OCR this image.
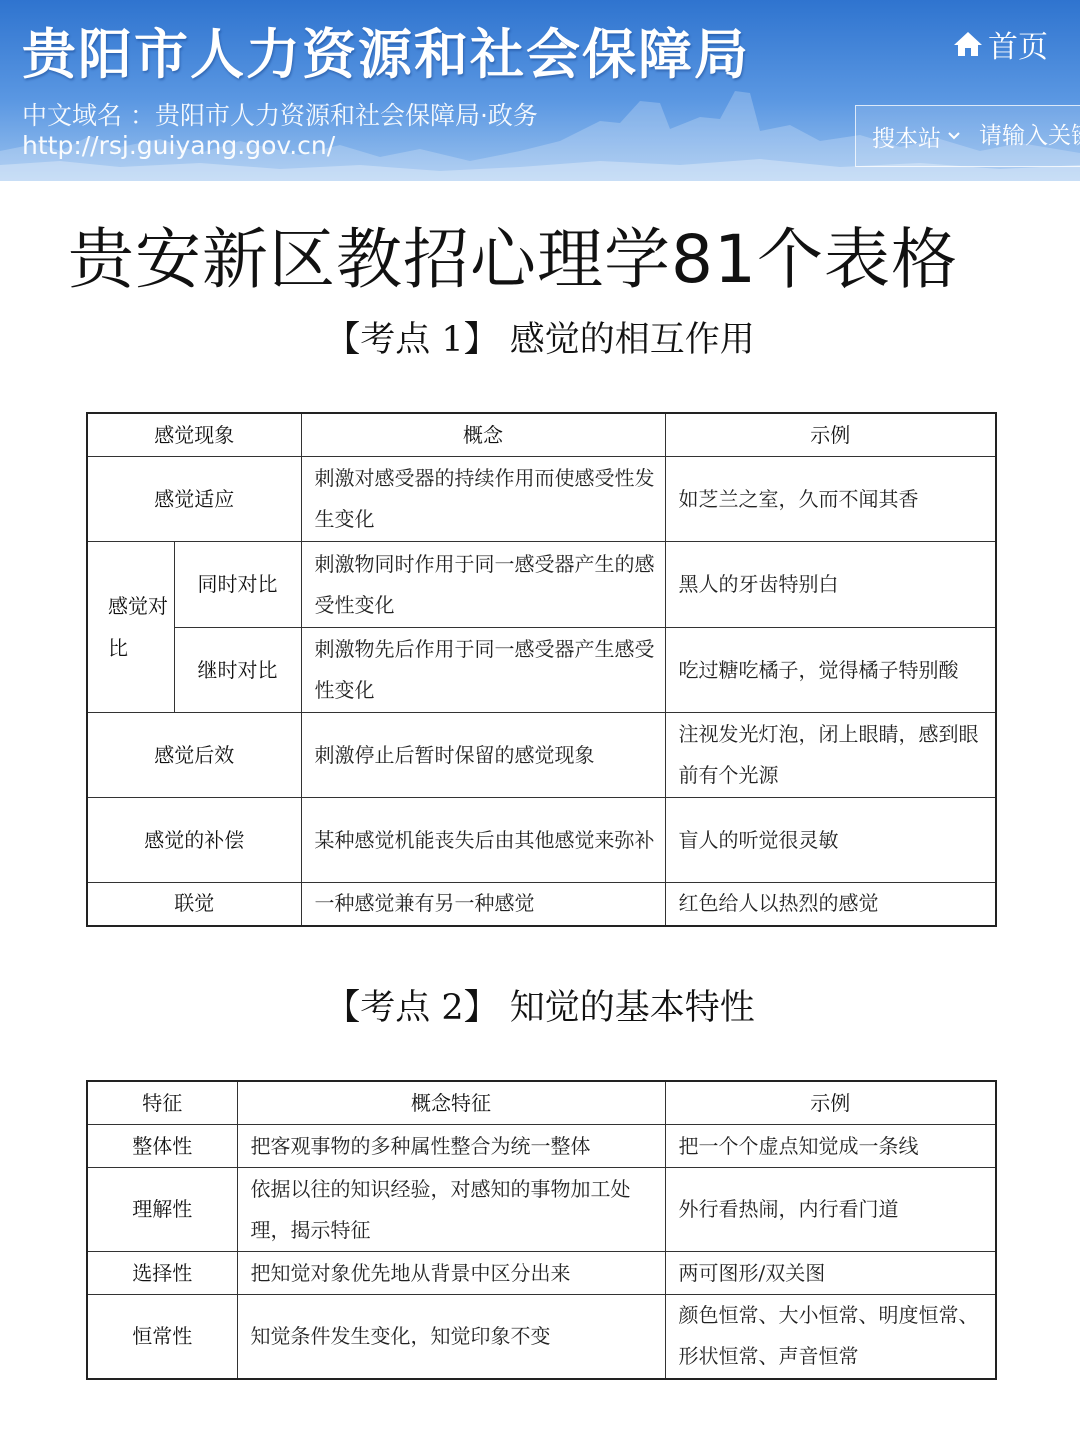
贵阳市人力资源和社会保障局
中文域名 ：贵阳市人力资源和社会保障局·政务
http://rsj.guiyang.gov.cn/
首页
搜本站
请输入关键字
贵安新区教招心理学81个表格
【考点 1】 感觉的相互作用
感觉现象		概念	示例
感觉适应		刺激对感受器的持续作用而使感受性发生变化	如芝兰之室，久而不闻其香
感觉对比	同时对比	刺激物同时作用于同一感受器产生的感受性变化	黑人的牙齿特别白
	继时对比	刺激物先后作用于同一感受器产生感受性变化	吃过糖吃橘子，觉得橘子特别酸
感觉后效		刺激停止后暂时保留的感觉现象	注视发光灯泡，闭上眼睛，感到眼前有个光源
感觉的补偿		某种感觉机能丧失后由其他感觉来弥补	盲人的听觉很灵敏
联觉		一种感觉兼有另一种感觉	红色给人以热烈的感觉
【考点 2】 知觉的基本特性
特征	概念特征	示例
整体性	把客观事物的多种属性整合为统一整体	把一个个虚点知觉成一条线
理解性	依据以往的知识经验，对感知的事物加工处理，揭示特征	外行看热闹，内行看门道
选择性	把知觉对象优先地从背景中区分出来	两可图形/双关图
恒常性	知觉条件发生变化，知觉印象不变	颜色恒常、大小恒常、明度恒常、形状恒常、声音恒常
